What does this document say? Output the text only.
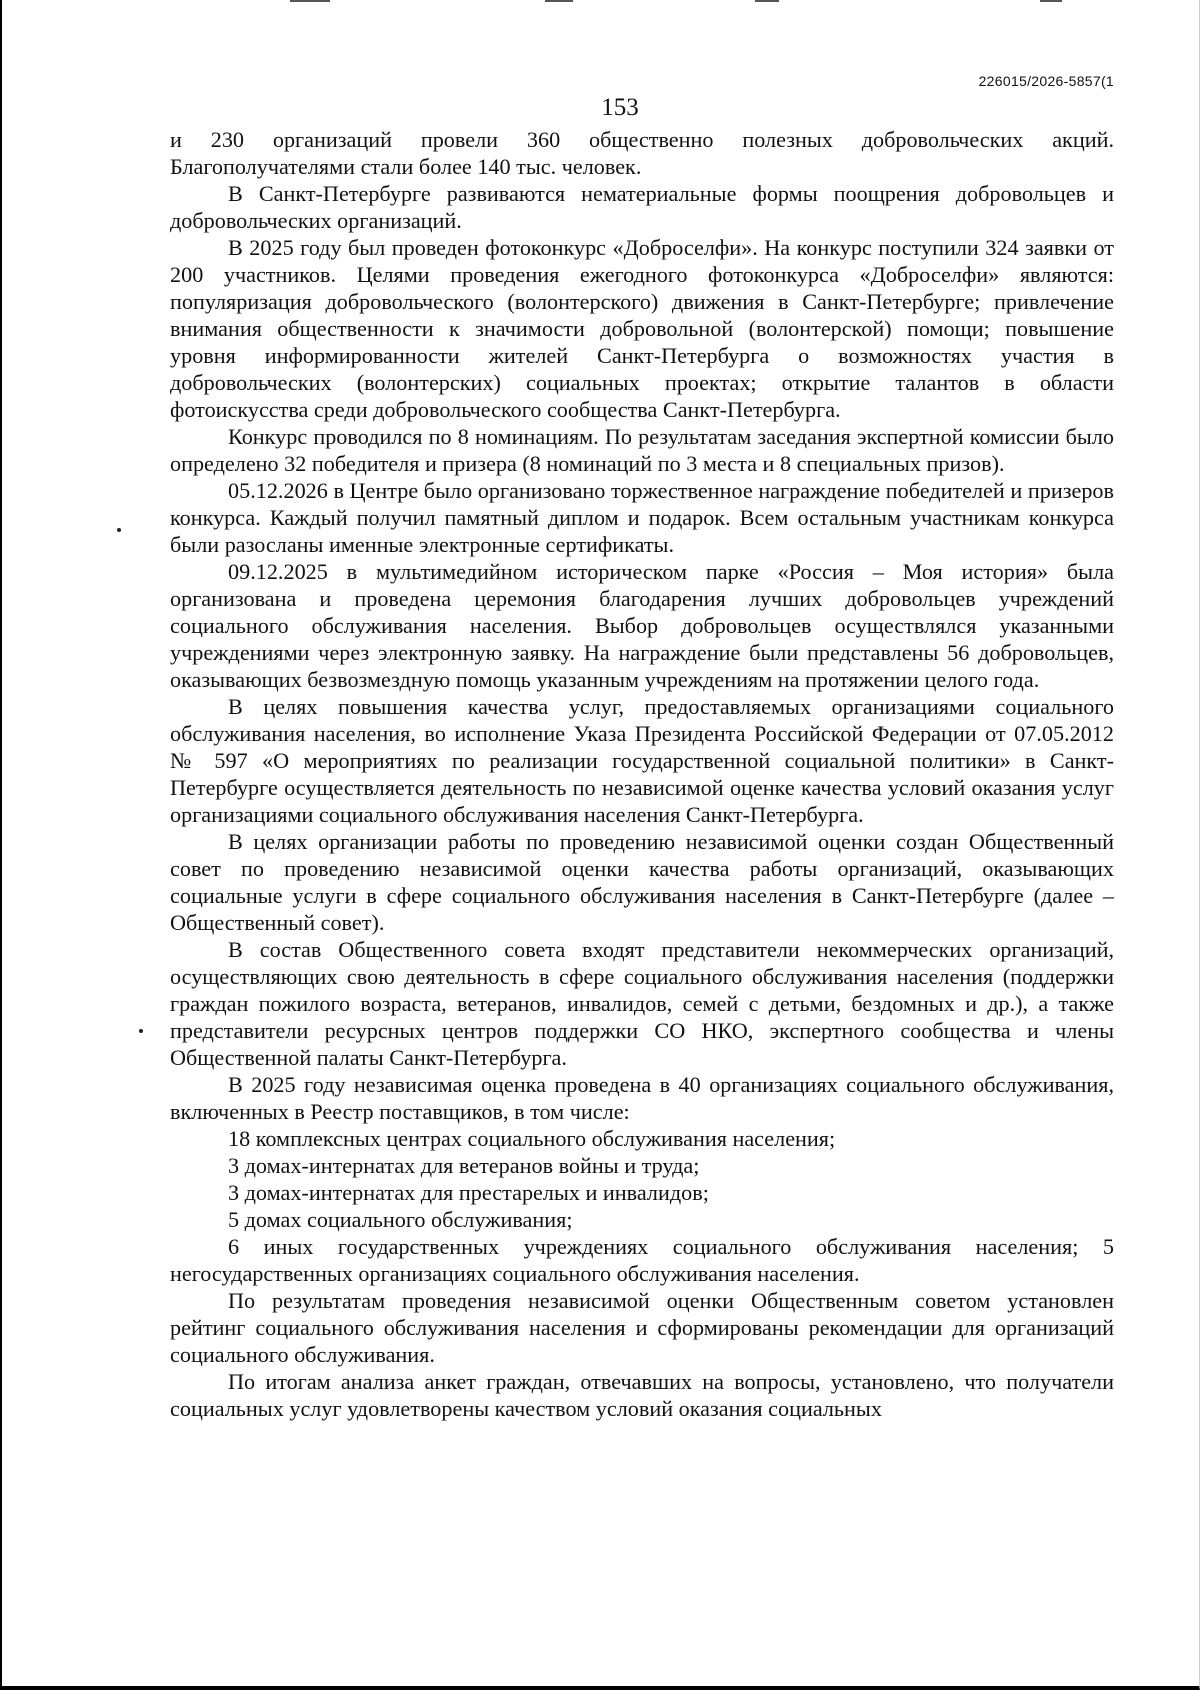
226015/2026-5857(1
153

и 230 организаций провели 360 общественно полезных добровольческих акций. Благополучателями стали более 140 тыс. человек.

В Санкт-Петербурге развиваются нематериальные формы поощрения добровольцев и добровольческих организаций.

В 2025 году был проведен фотоконкурс «Доброселфи». На конкурс поступили 324 заявки от 200 участников. Целями проведения ежегодного фотоконкурса «Доброселфи» являются: популяризация добровольческого (волонтерского) движения в Санкт-Петербурге; привлечение внимания общественности к значимости добровольной (волонтерской) помощи; повышение уровня информированности жителей Санкт-Петербурга о возможностях участия в добровольческих (волонтерских) социальных проектах; открытие талантов в области фотоискусства среди добровольческого сообщества Санкт-Петербурга.

Конкурс проводился по 8 номинациям. По результатам заседания экспертной комиссии было определено 32 победителя и призера (8 номинаций по 3 места и 8 специальных призов).

05.12.2026 в Центре было организовано торжественное награждение победителей и призеров конкурса. Каждый получил памятный диплом и подарок. Всем остальным участникам конкурса были разосланы именные электронные сертификаты.

09.12.2025 в мультимедийном историческом парке «Россия – Моя история» была организована и проведена церемония благодарения лучших добровольцев учреждений социального обслуживания населения. Выбор добровольцев осуществлялся указанными учреждениями через электронную заявку. На награждение были представлены 56 добровольцев, оказывающих безвозмездную помощь указанным учреждениям на протяжении целого года.

В целях повышения качества услуг, предоставляемых организациями социального обслуживания населения, во исполнение Указа Президента Российской Федерации от 07.05.2012 № 597 «О мероприятиях по реализации государственной социальной политики» в Санкт-Петербурге осуществляется деятельность по независимой оценке качества условий оказания услуг организациями социального обслуживания населения Санкт-Петербурга.

В целях организации работы по проведению независимой оценки создан Общественный совет по проведению независимой оценки качества работы организаций, оказывающих социальные услуги в сфере социального обслуживания населения в Санкт-Петербурге (далее – Общественный совет).

В состав Общественного совета входят представители некоммерческих организаций, осуществляющих свою деятельность в сфере социального обслуживания населения (поддержки граждан пожилого возраста, ветеранов, инвалидов, семей с детьми, бездомных и др.), а также представители ресурсных центров поддержки СО НКО, экспертного сообщества и члены Общественной палаты Санкт-Петербурга.

В 2025 году независимая оценка проведена в 40 организациях социального обслуживания, включенных в Реестр поставщиков, в том числе:

18 комплексных центрах социального обслуживания населения;

3 домах-интернатах для ветеранов войны и труда;

3 домах-интернатах для престарелых и инвалидов;

5 домах социального обслуживания;

6 иных государственных учреждениях социального обслуживания населения; 5 негосударственных организациях социального обслуживания населения.

По результатам проведения независимой оценки Общественным советом установлен рейтинг социального обслуживания населения и сформированы рекомендации для организаций социального обслуживания.

По итогам анализа анкет граждан, отвечавших на вопросы, установлено, что получатели социальных услуг удовлетворены качеством условий оказания социальных
